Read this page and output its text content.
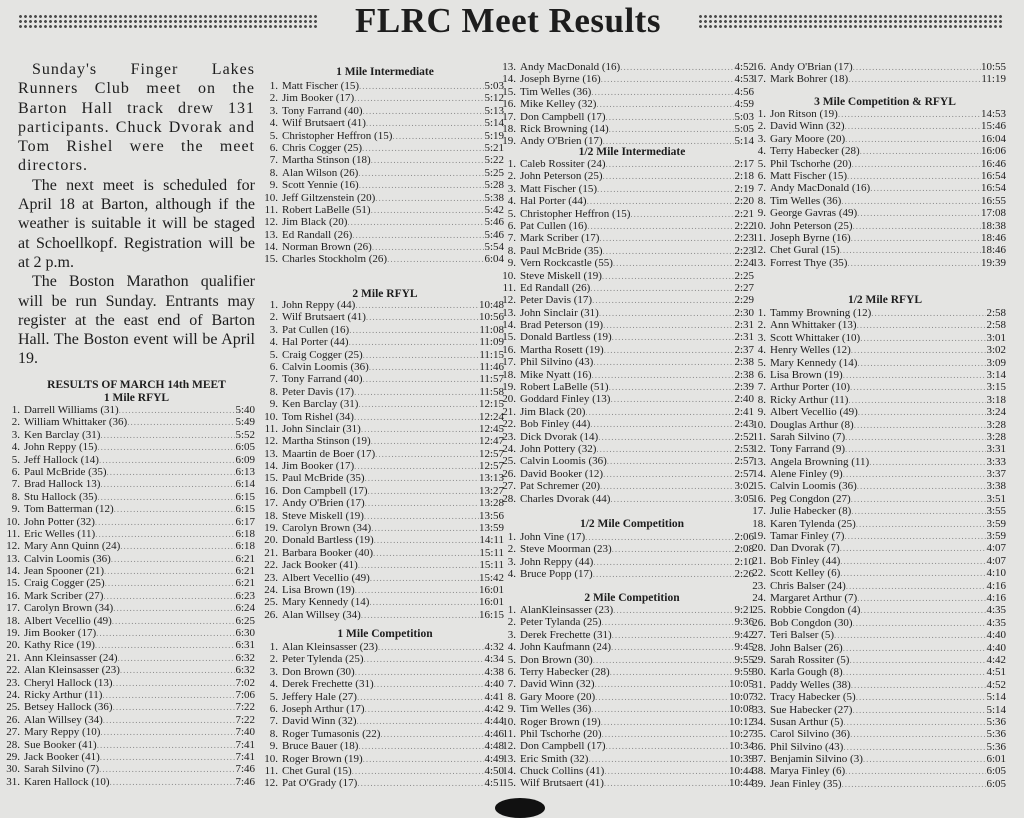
FLRC Meet Results

Sunday's Finger Lakes Runners Club meet on the Barton Hall track drew 131 participants. Chuck Dvorak and Tom Rishel were the meet directors.

The next meet is scheduled for April 18 at Barton, although if the weather is suitable it will be staged at Schoellkopf. Registration will be at 2 p.m.

The Boston Marathon qualifier will be run Sunday. Entrants may register at the east end of Barton Hall. The Boston event will be April 19.

RESULTS OF MARCH 14th MEET
1 Mile RFYL
1. Darrell Williams (31) .....	5:40
2. William Whittaker (36) .....	5:49
3. Ken Barclay (31) .....	5:52
4. John Reppy (15) .....	6:05
5. Jeff Hallock (14) .....	6:09
6. Paul McBride (35) .....	6:13
7. Brad Hallock 13) .....	6:14
8. Stu Hallock (35) .....	6:15
9. Tom Batterman (12) .....	6:15
10. John Potter (32) .....	6:17
11. Eric Welles (11) .....	6:18
12. Mary Ann Quinn (24) .....	6:18
13. Calvin Loomis (36) .....	6:21
14. Jean Spooner (21) .....	6:21
15. Craig Cogger (25) .....	6:21
16. Mark Scriber (27) .....	6:23
17. Carolyn Brown (34) .....	6:24
18. Albert Vecellio (49) .....	6:25
19. Jim Booker (17) .....	6:30
20. Kathy Rice (19) .....	6:31
21. Ann Kleinsasser (24) .....	6:32
22. Alan Kleinsasser (23) .....	6:32
23. Cheryl Hallock (13) .....	7:02
24. Ricky Arthur (11) .....	7:06
25. Betsey Hallock (36) .....	7:22
26. Alan Willsey (34) .....	7:22
27. Mary Reppy (10) .....	7:40
28. Sue Booker (41) .....	7:41
29. Jack Booker (41) .....	7:41
30. Sarah Silvino (7) .....	7:46
31. Karen Hallock (10) .....	7:46
1 Mile Intermediate
1. Matt Fischer (15) .....	5:03
2. Jim Booker (17) .....	5:12
3. Tony Farrand (40) .....	5:13
4. Wilf Brutsaert (41) .....	5:14
5. Christopher Heffron (15) .....	5:19
6. Chris Cogger (25) .....	5:21
7. Martha Stinson (18) .....	5:22
8. Alan Wilson (26) .....	5:25
9. Scott Yennie (16) .....	5:28
10. Jeff Giltzenstein (20) .....	5:38
11. Robert LaBelle (51) .....	5:42
12. Jim Black (20) .....	5:46
13. Ed Randall (26) .....	5:46
14. Norman Brown (26) .....	5:54
15. Charles Stockholm (26) .....	6:04
2 Mile RFYL
1. John Reppy (44) .....	10:48
2. Wilf Brutsaert (41) .....	10:56
3. Pat Cullen (16) .....	11:08
4. Hal Porter (44) .....	11:09
5. Craig Cogger (25) .....	11:15
6. Calvin Loomis (36) .....	11:46
7. Tony Farrand (40) .....	11:57
8. Peter Davis (17) .....	11:58
9. Ken Barclay (31) .....	12:15
10. Tom Rishel (34) .....	12:24
11. John Sinclair (31) .....	12:45
12. Martha Stinson (19) .....	12:47
13. Maartin de Boer (17) .....	12:57
14. Jim Booker (17) .....	12:57
15. Paul McBride (35) .....	13:13
16. Don Campbell (17) .....	13:27
17. Andy O'Brien (17) .....	13:28
18. Steve Miskell (19) .....	13:56
19. Carolyn Brown (34) .....	13:59
20. Donald Bartless (19) .....	14:11
21. Barbara Booker (40) .....	15:11
22. Jack Booker (41) .....	15:11
23. Albert Vecellio (49) .....	15:42
24. Lisa Brown (19) .....	16:01
25. Mary Kennedy (14) .....	16:01
26. Alan Willsey (34) .....	16:15
1 Mile Competition
1. Alan Kleinsasser (23) .....	4:32
2. Peter Tylenda (25) .....	4:34
3. Don Brown (30) .....	4:38
4. Derek Frechette (31) .....	4:40
5. Jeffery Hale (27) .....	4:41
6. Joseph Arthur (17) .....	4:42
7. David Winn (32) .....	4:44
8. Roger Tumasonis (22) .....	4:46
9. Bruce Bauer (18) .....	4:48
10. Roger Brown (19) .....	4:49
11. Chet Gural (15) .....	4:50
12. Pat O'Grady (17) .....	4:51
13. Andy MacDonald (16) .....	4:52
14. Joseph Byrne (16) .....	4:53
15. Tim Welles (36) .....	4:56
16. Mike Kelley (32) .....	4:59
17. Don Campbell (17) .....	5:03
18. Rick Browning (14) .....	5:05
19. Andy O'Brien (17) .....	5:14
1/2 Mile Intermediate
1. Caleb Rossiter (24) .....	2:17
2. John Peterson (25) .....	2:18
3. Matt Fischer (15) .....	2:19
4. Hal Porter (44) .....	2:20
5. Christopher Heffron (15) .....	2:21
6. Pat Cullen (16) .....	2:22
7. Mark Scriber (17) .....	2:23
8. Paul McBride (35) .....	2:23
9. Vern Rockcastle (55) .....	2:24
10. Steve Miskell (19) .....	2:25
11. Ed Randall (26) .....	2:27
12. Peter Davis (17) .....	2:29
13. John Sinclair (31) .....	2:30
14. Brad Peterson (19) .....	2:31
15. Donald Bartless (19) .....	2:31
16. Martha Rosett (19) .....	2:37
17. Phil Silvino (43) .....	2:38
18. Mike Nyatt (16) .....	2:38
19. Robert LaBelle (51) .....	2:39
20. Goddard Finley (13) .....	2:40
21. Jim Black (20) .....	2:41
22. Bob Finley (44) .....	2:43
23. Dick Dvorak (14) .....	2:52
24. John Pottery (32) .....	2:53
25. Calvin Loomis (36) .....	2:57
26. David Booker (12) .....	2:57
27. Pat Schremer (20) .....	3:02
28. Charles Dvorak (44) .....	3:05
1/2 Mile Competition
1. John Vine (17) .....	2:06
2. Steve Moorman (23) .....	2:08
3. John Reppy (44) .....	2:10
4. Bruce Popp (17) .....	2:26
2 Mile Competition
1. AlanKleinsasser (23) .....	9:21
2. Peter Tylanda (25) .....	9:36
3. Derek Frechette (31) .....	9:42
4. John Kaufmann (24) .....	9:45
5. Don Brown (30) .....	9:55
6. Terry Habecker (28) .....	9:59
7. David Winn (32) .....	10:05
8. Gary Moore (20) .....	10:07
9. Tim Welles (36) .....	10:08
10. Roger Brown (19) .....	10:12
11. Phil Tschorhe (20) .....	10:27
12. Don Campbell (17) .....	10:34
13. Eric Smith (32) .....	10:39
14. Chuck Collins (41) .....	10:44
15. Wilf Brutsaert (41) .....	10:44
16. Andy O'Brian (17) .....	10:55
17. Mark Bohrer (18) .....	11:19
3 Mile Competition & RFYL
1. Jon Ritson (19) .....	14:53
2. David Winn (32) .....	15:46
3. Gary Moore (20) .....	16:04
4. Terry Habecker (28) .....	16:06
5. Phil Tschorhe (20) .....	16:46
6. Matt Fischer (15) .....	16:54
7. Andy MacDonald (16) .....	16:54
8. Tim Welles (36) .....	16:55
9. George Gavras (49) .....	17:08
10. John Peterson (25) .....	18:38
11. Joseph Byrne (16) .....	18:46
12. Chet Gural (15) .....	18:46
13. Forrest Thye (35) .....	19:39
1/2 Mile RFYL
1. Tammy Browning (12) .....	2:58
2. Ann Whittaker (13) .....	2:58
3. Scott Whittaker (10) .....	3:01
4. Henry Welles (12) .....	3:02
5. Mary Kennedy (14) .....	3:09
6. Lisa Brown (19) .....	3:14
7. Arthur Porter (10) .....	3:15
8. Ricky Arthur (11) .....	3:18
9. Albert Vecellio (49) .....	3:24
10. Douglas Arthur (8) .....	3:28
11. Sarah Silvino (7) .....	3:28
12. Tony Farrand (9) .....	3:31
13. Angela Browning (11) .....	3:33
14. Alene Finley (9) .....	3:37
15. Calvin Loomis (36) .....	3:38
16. Peg Congdon (27) .....	3:51
17. Julie Habecker (8) .....	3:55
18. Karen Tylenda (25) .....	3:59
19. Tamar Finley (7) .....	3:59
20. Dan Dvorak (7) .....	4:07
21. Bob Finley (44) .....	4:07
22. Scott Kelley (6) .....	4:10
23. Chris Balser (24) .....	4:16
24. Margaret Arthur (7) .....	4:16
25. Robbie Congdon (4) .....	4:35
26. Bob Congdon (30) .....	4:35
27. Teri Balser (5) .....	4:40
28. John Balser (26) .....	4:40
29. Sarah Rossiter (5) .....	4:42
30. Karla Gough (8) .....	4:51
31. Paddy Welles (38) .....	4:52
32. Tracy Habecker (5) .....	5:14
33. Sue Habecker (27) .....	5:14
34. Susan Arthur (5) .....	5:36
35. Carol Silvino (36) .....	5:36
36. Phil Silvino (43) .....	5:36
37. Benjamin Silvino (3) .....	6:01
38. Marya Finley (6) .....	6:05
39. Jean Finley (35) .....	6:05
